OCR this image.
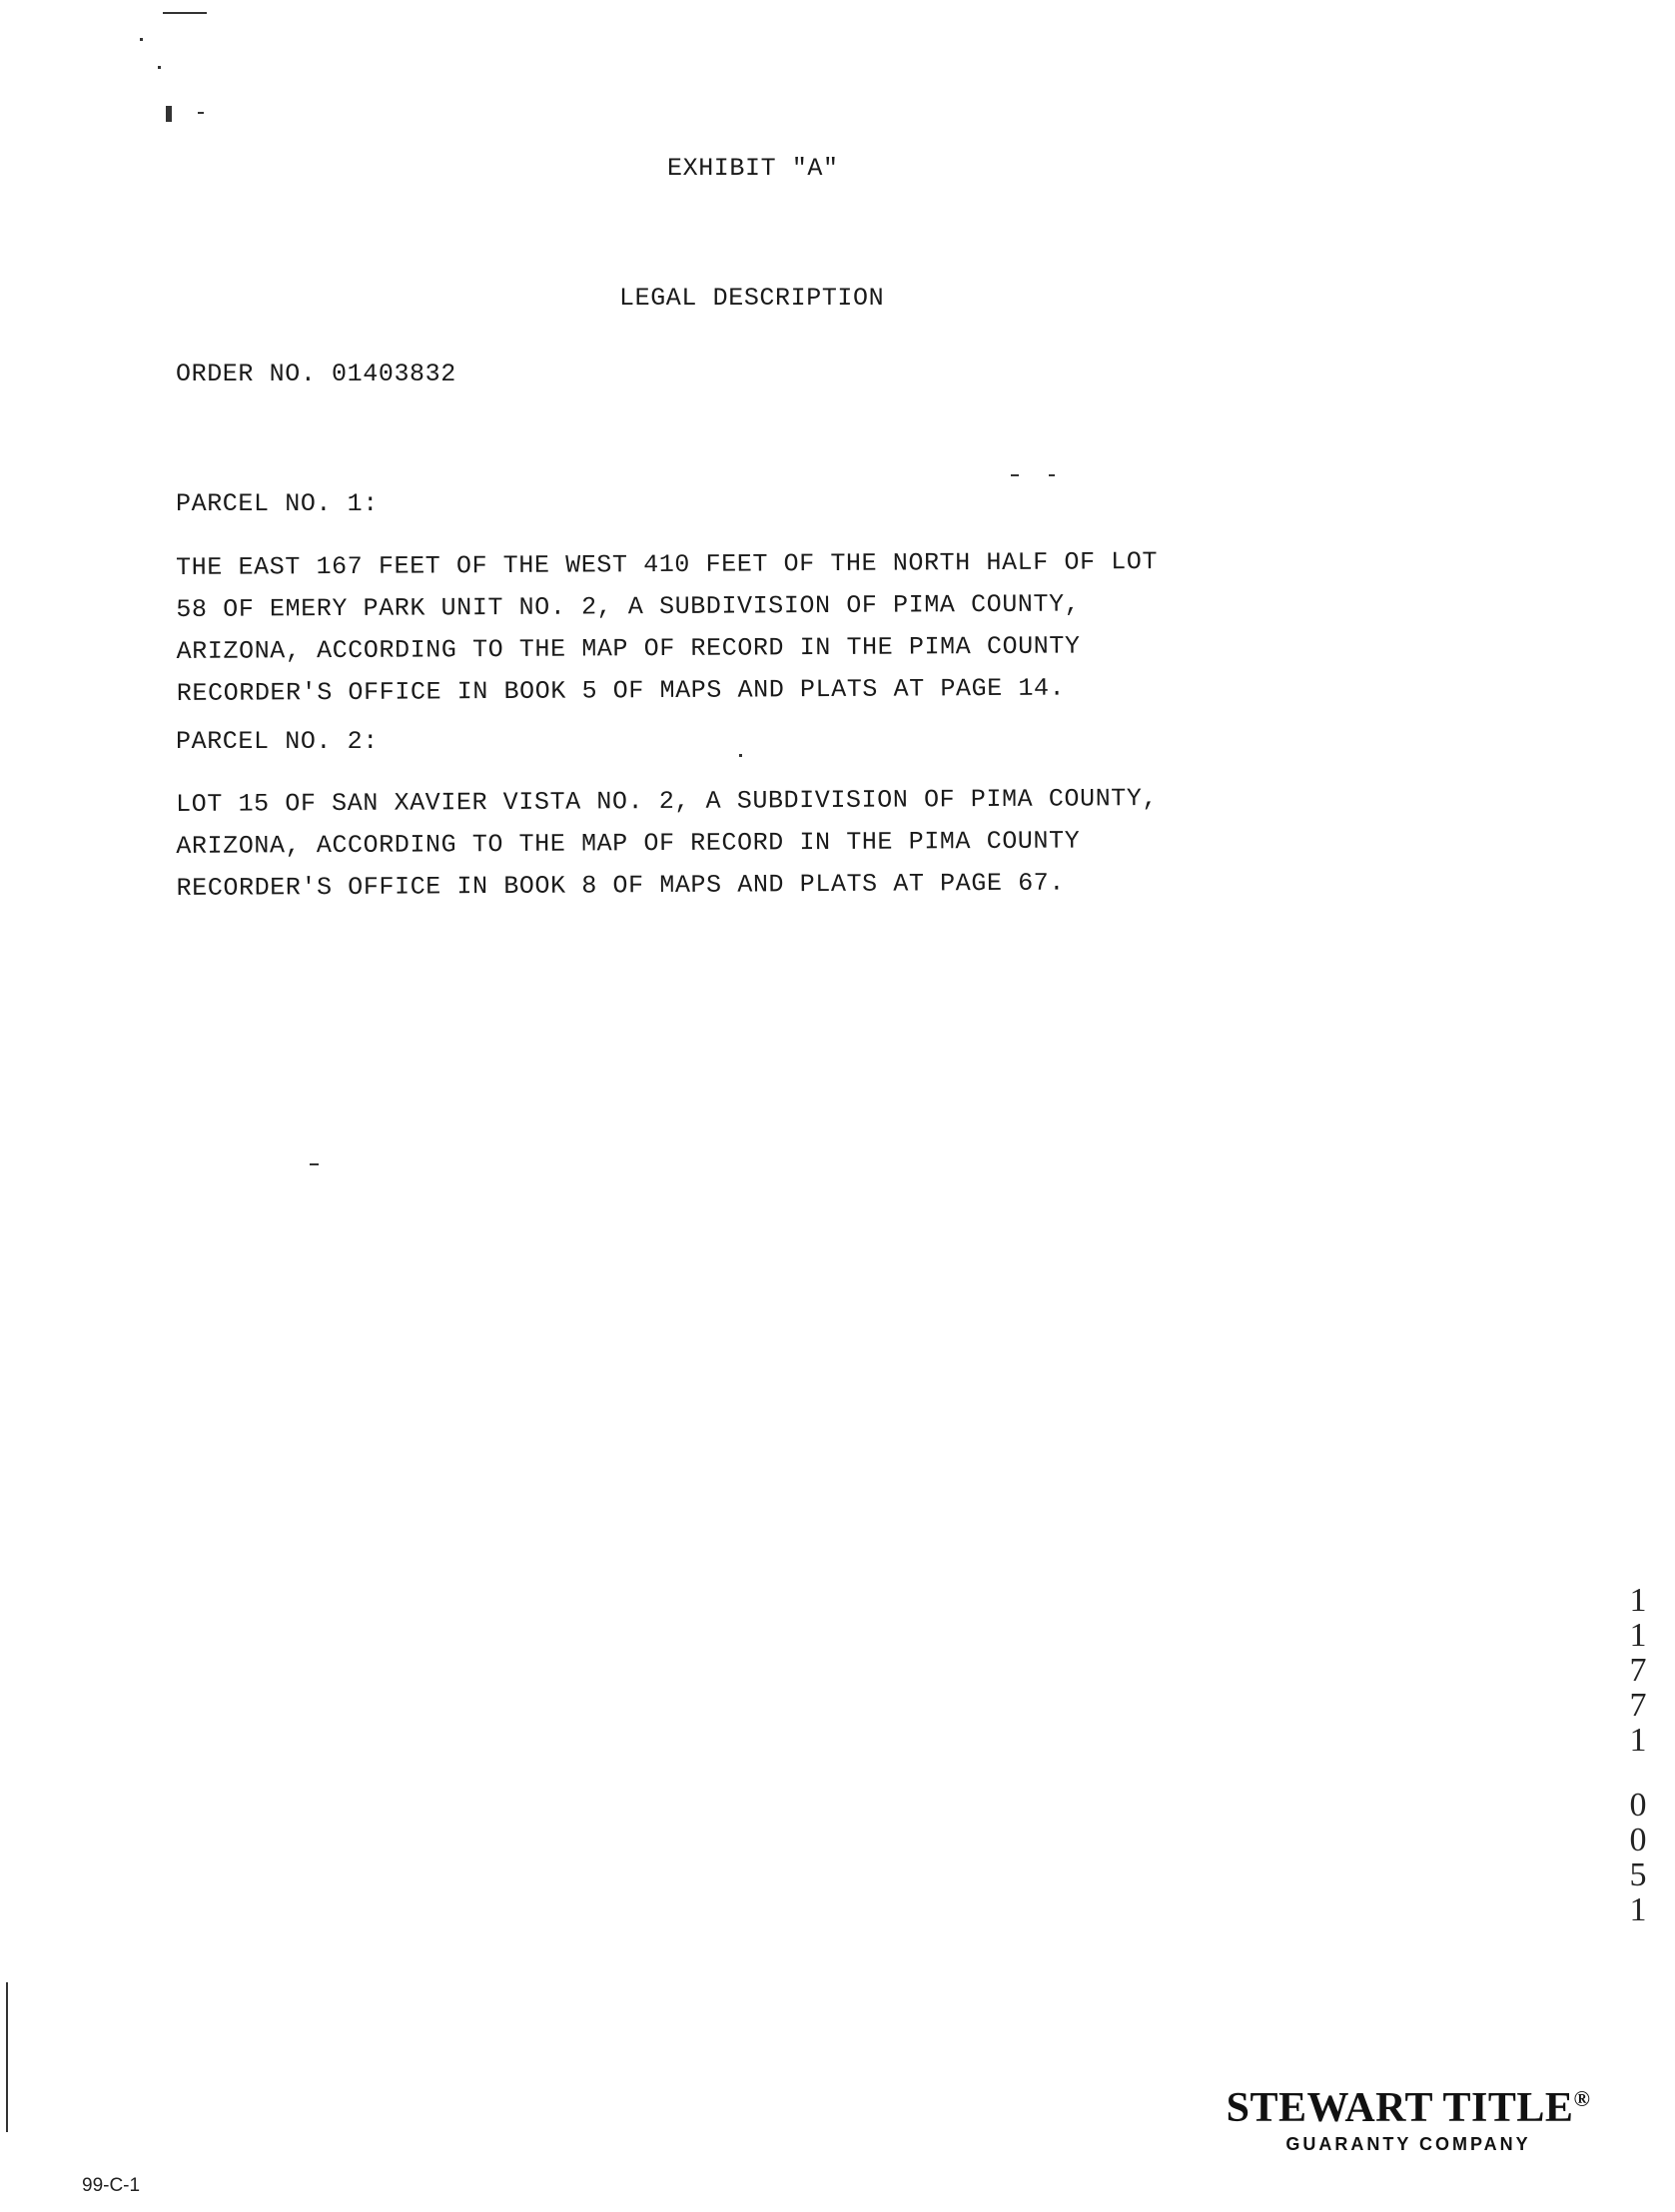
EXHIBIT "A"
LEGAL DESCRIPTION
ORDER NO. 01403832
PARCEL NO. 1:
THE EAST 167 FEET OF THE WEST 410 FEET OF THE NORTH HALF OF LOT
58 OF EMERY PARK UNIT NO. 2, A SUBDIVISION OF PIMA COUNTY,
ARIZONA, ACCORDING TO THE MAP OF RECORD IN THE PIMA COUNTY
RECORDER'S OFFICE IN BOOK 5 OF MAPS AND PLATS AT PAGE 14.
PARCEL NO. 2:
LOT 15 OF SAN XAVIER VISTA NO. 2, A SUBDIVISION OF PIMA COUNTY,
ARIZONA, ACCORDING TO THE MAP OF RECORD IN THE PIMA COUNTY
RECORDER'S OFFICE IN BOOK 8 OF MAPS AND PLATS AT PAGE 67.
1
1
7
7
1
0
0
5
1
STEWART TITLE®
GUARANTY COMPANY
99-C-1
